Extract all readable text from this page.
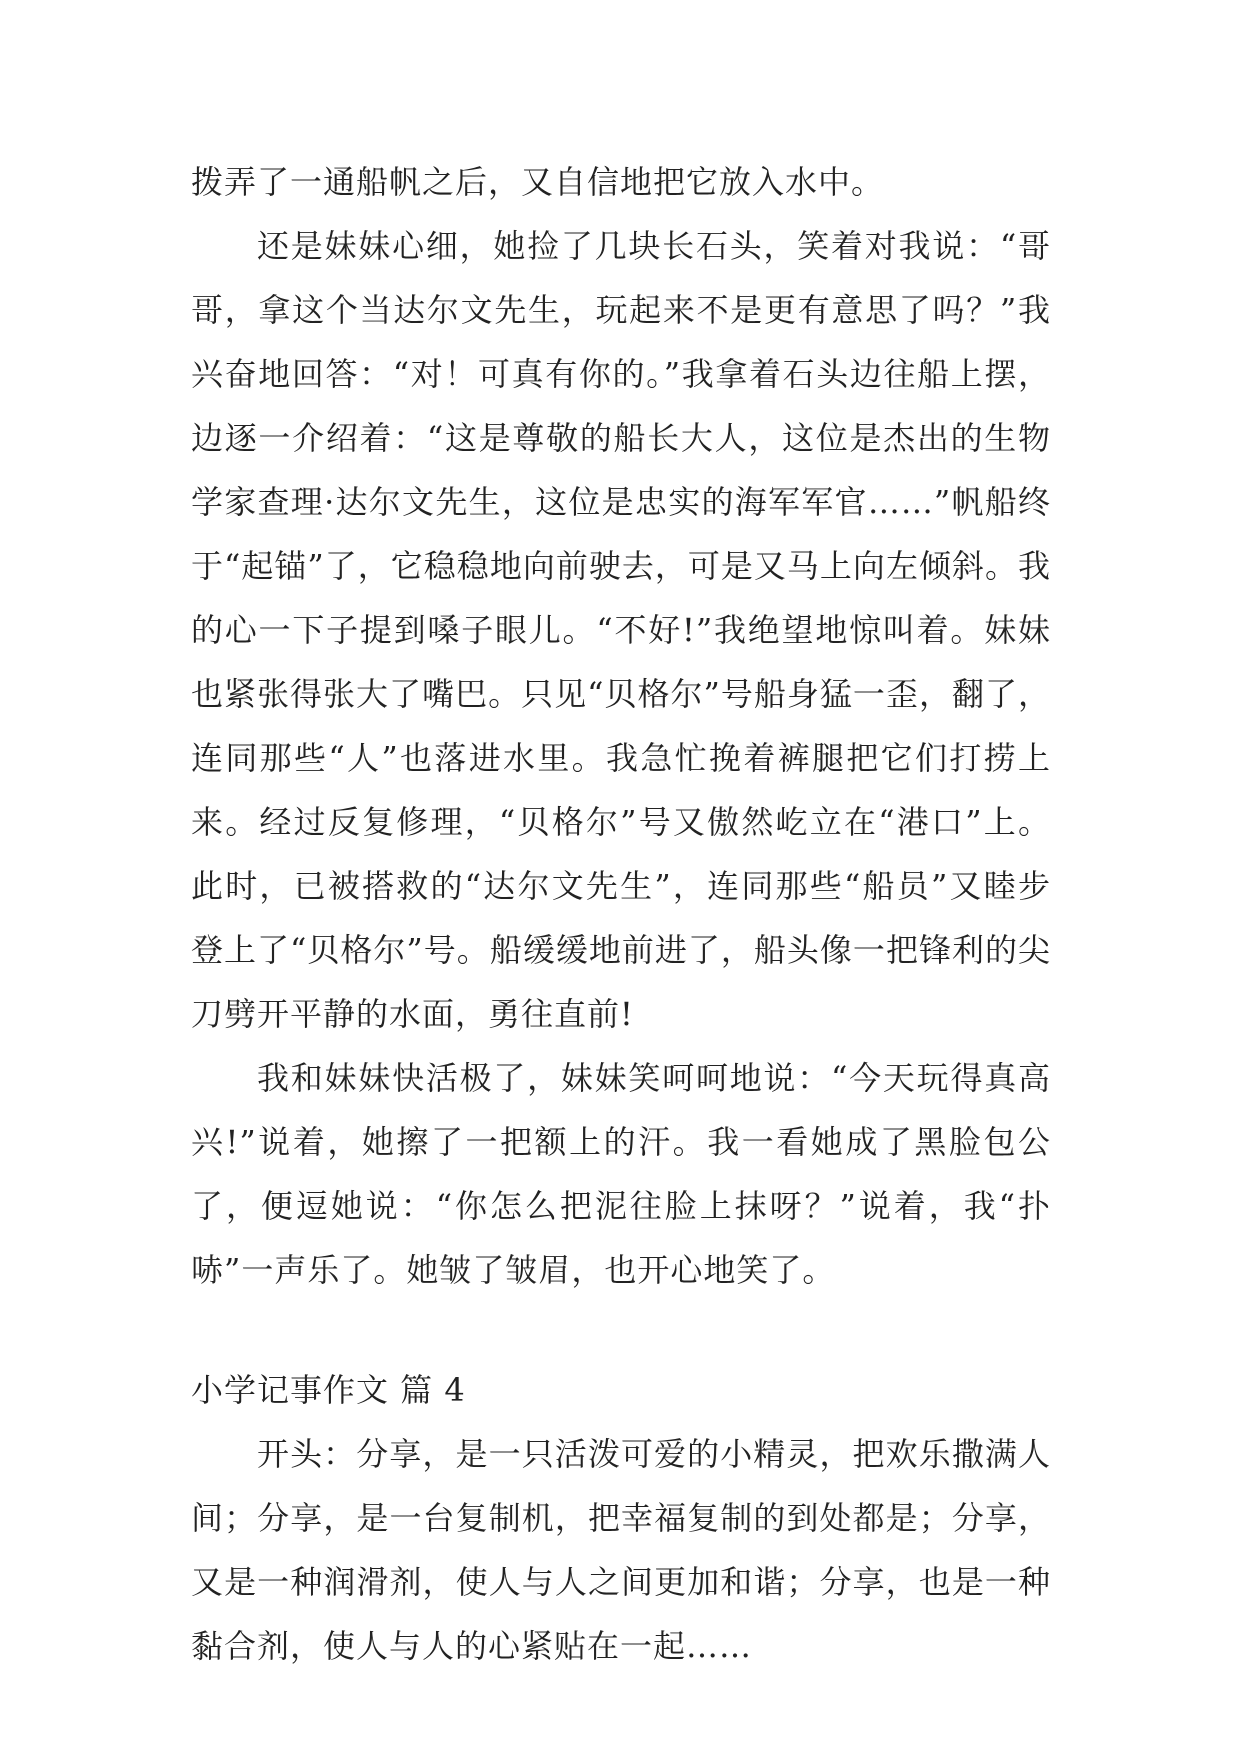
拨弄了一通船帆之后，又自信地把它放入水中。

还是妹妹心细，她捡了几块长石头，笑着对我说：“哥哥，拿这个当达尔文先生，玩起来不是更有意思了吗？”我兴奋地回答：“对！可真有你的。”我拿着石头边往船上摆，边逐一介绍着：“这是尊敬的船长大人，这位是杰出的生物学家查理·达尔文先生，这位是忠实的海军军官……”帆船终于“起锚”了，它稳稳地向前驶去，可是又马上向左倾斜。我的心一下子提到嗓子眼儿。“不好!”我绝望地惊叫着。妹妹也紧张得张大了嘴巴。只见“贝格尔”号船身猛一歪，翻了，连同那些“人”也落进水里。我急忙挽着裤腿把它们打捞上来。经过反复修理，“贝格尔”号又傲然屹立在“港口”上。此时，已被搭救的“达尔文先生”，连同那些“船员”又睦步登上了“贝格尔”号。船缓缓地前进了，船头像一把锋利的尖刀劈开平静的水面，勇往直前!

我和妹妹快活极了，妹妹笑呵呵地说：“今天玩得真高兴!”说着，她擦了一把额上的汗。我一看她成了黑脸包公了，便逗她说：“你怎么把泥往脸上抹呀？”说着，我“扑哧”一声乐了。她皱了皱眉，也开心地笑了。

小学记事作文 篇 4

开头：分享，是一只活泼可爱的小精灵，把欢乐撒满人间；分享，是一台复制机，把幸福复制的到处都是；分享，又是一种润滑剂，使人与人之间更加和谐；分享，也是一种黏合剂，使人与人的心紧贴在一起……
